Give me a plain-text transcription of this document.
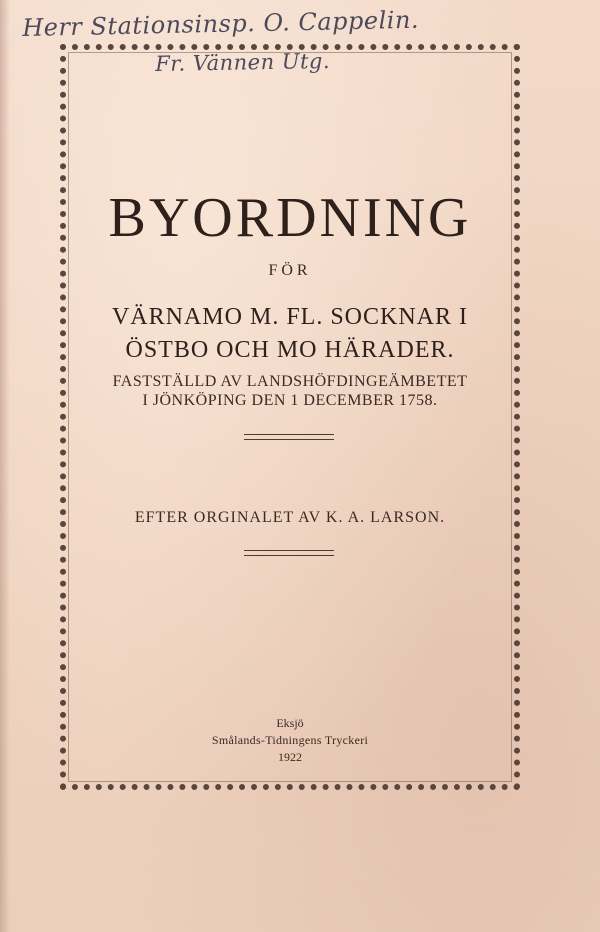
Herr Stationsinsp. O. Cappelin.
Fr. Vännen Utg.
BYORDNING
FÖR
VÄRNAMO M. FL. SOCKNAR I
ÖSTBO OCH MO HÄRADER.
FASTSTÄLLD AV LANDSHÖFDINGEÄMBETET
I JÖNKÖPING DEN 1 DECEMBER 1758.
EFTER ORGINALET AV K. A. LARSON.
Eksjö
Smålands-Tidningens Tryckeri
1922
